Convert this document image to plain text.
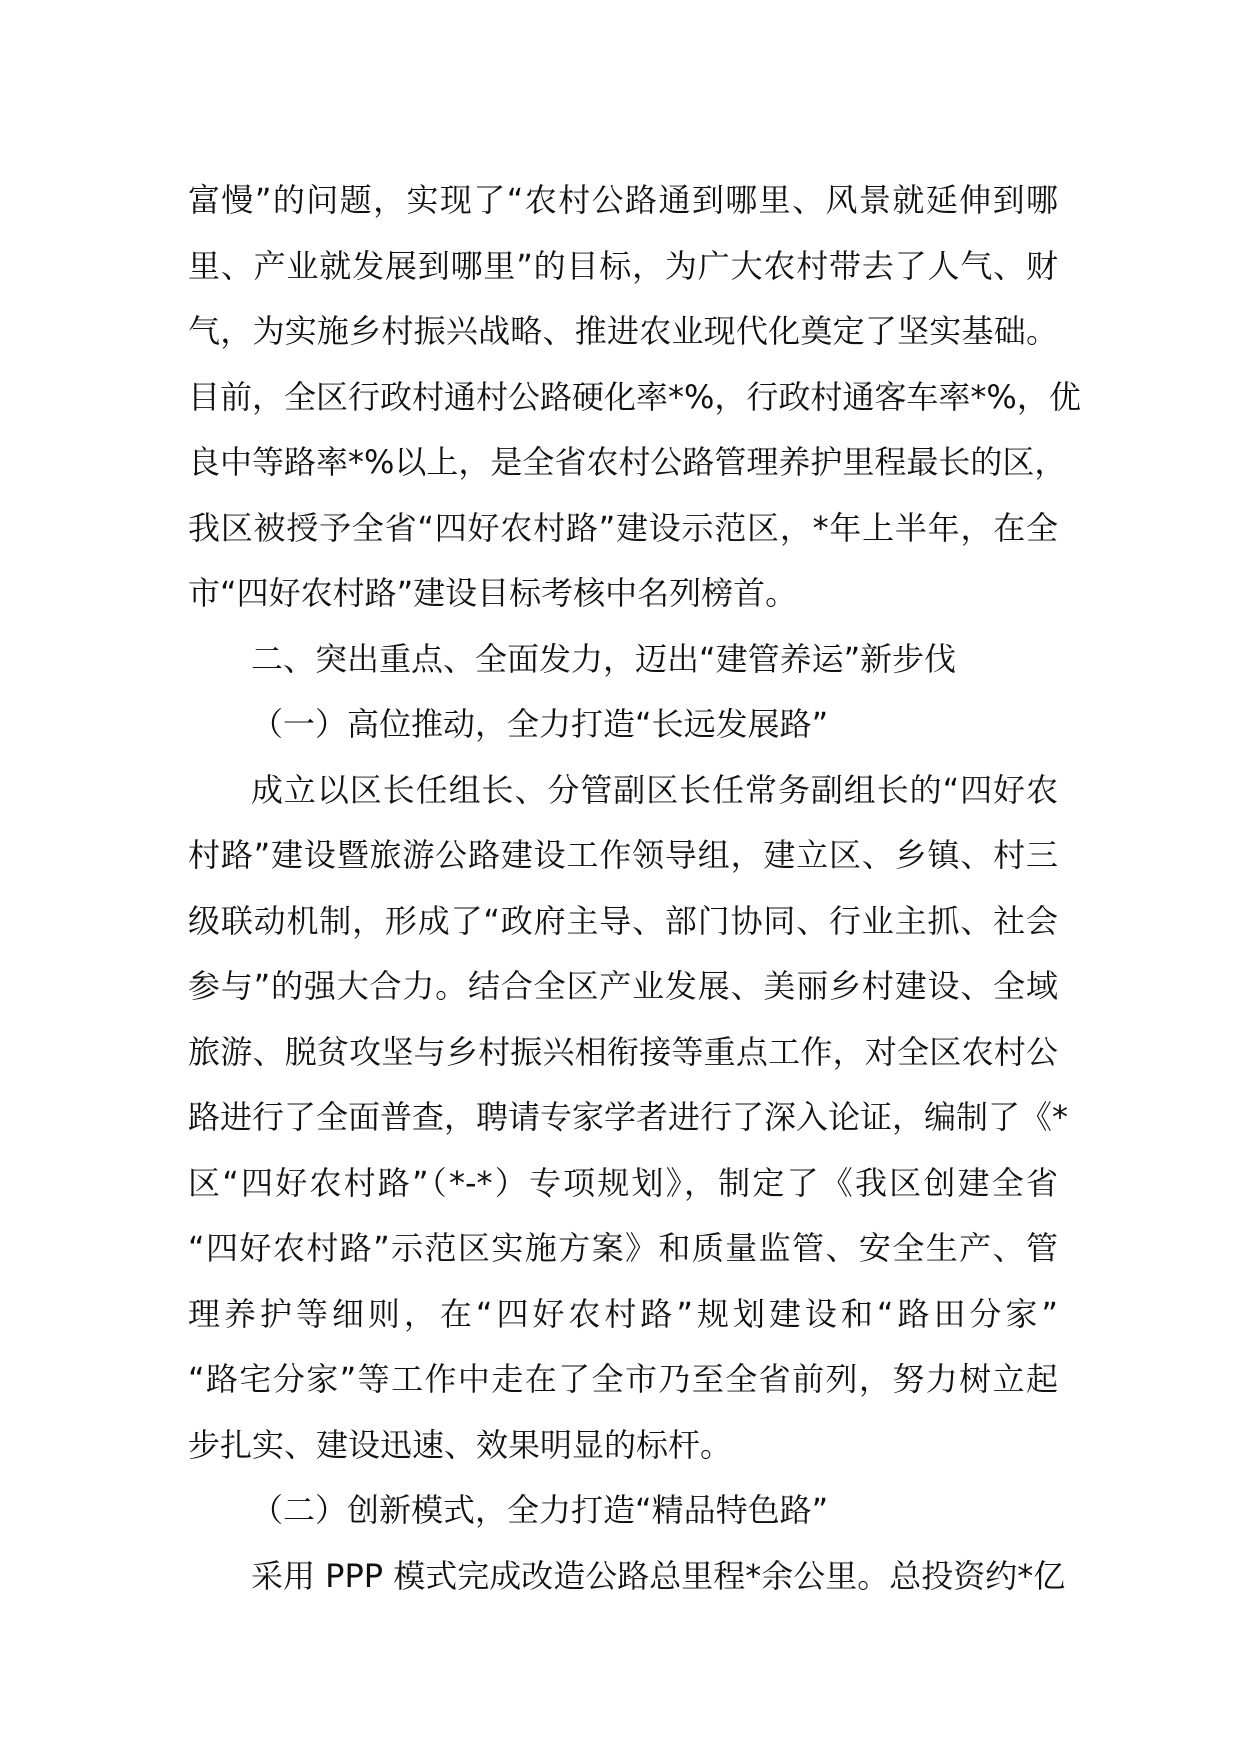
富慢”的问题，实现了“农村公路通到哪里、风景就延伸到哪
里、产业就发展到哪里”的目标，为广大农村带去了人气、财
气，为实施乡村振兴战略、推进农业现代化奠定了坚实基础。
目前，全区行政村通村公路硬化率*%，行政村通客车率*%，优
良中等路率*%以上，是全省农村公路管理养护里程最长的区，
我区被授予全省“四好农村路”建设示范区，*年上半年，在全
市“四好农村路”建设目标考核中名列榜首。
二、突出重点、全面发力，迈出“建管养运”新步伐
（一）高位推动，全力打造“长远发展路”
成立以区长任组长、分管副区长任常务副组长的“四好农
村路”建设暨旅游公路建设工作领导组，建立区、乡镇、村三
级联动机制，形成了“政府主导、部门协同、行业主抓、社会
参与”的强大合力。结合全区产业发展、美丽乡村建设、全域
旅游、脱贫攻坚与乡村振兴相衔接等重点工作，对全区农村公
路进行了全面普查，聘请专家学者进行了深入论证，编制了《*
区“四好农村路”（*-*）专项规划》，制定了《我区创建全省
“四好农村路”示范区实施方案》和质量监管、安全生产、管
理养护等细则，在“四好农村路”规划建设和“路田分家”
“路宅分家”等工作中走在了全市乃至全省前列，努力树立起
步扎实、建设迅速、效果明显的标杆。
（二）创新模式，全力打造“精品特色路”
采用 PPP 模式完成改造公路总里程*余公里。总投资约*亿
